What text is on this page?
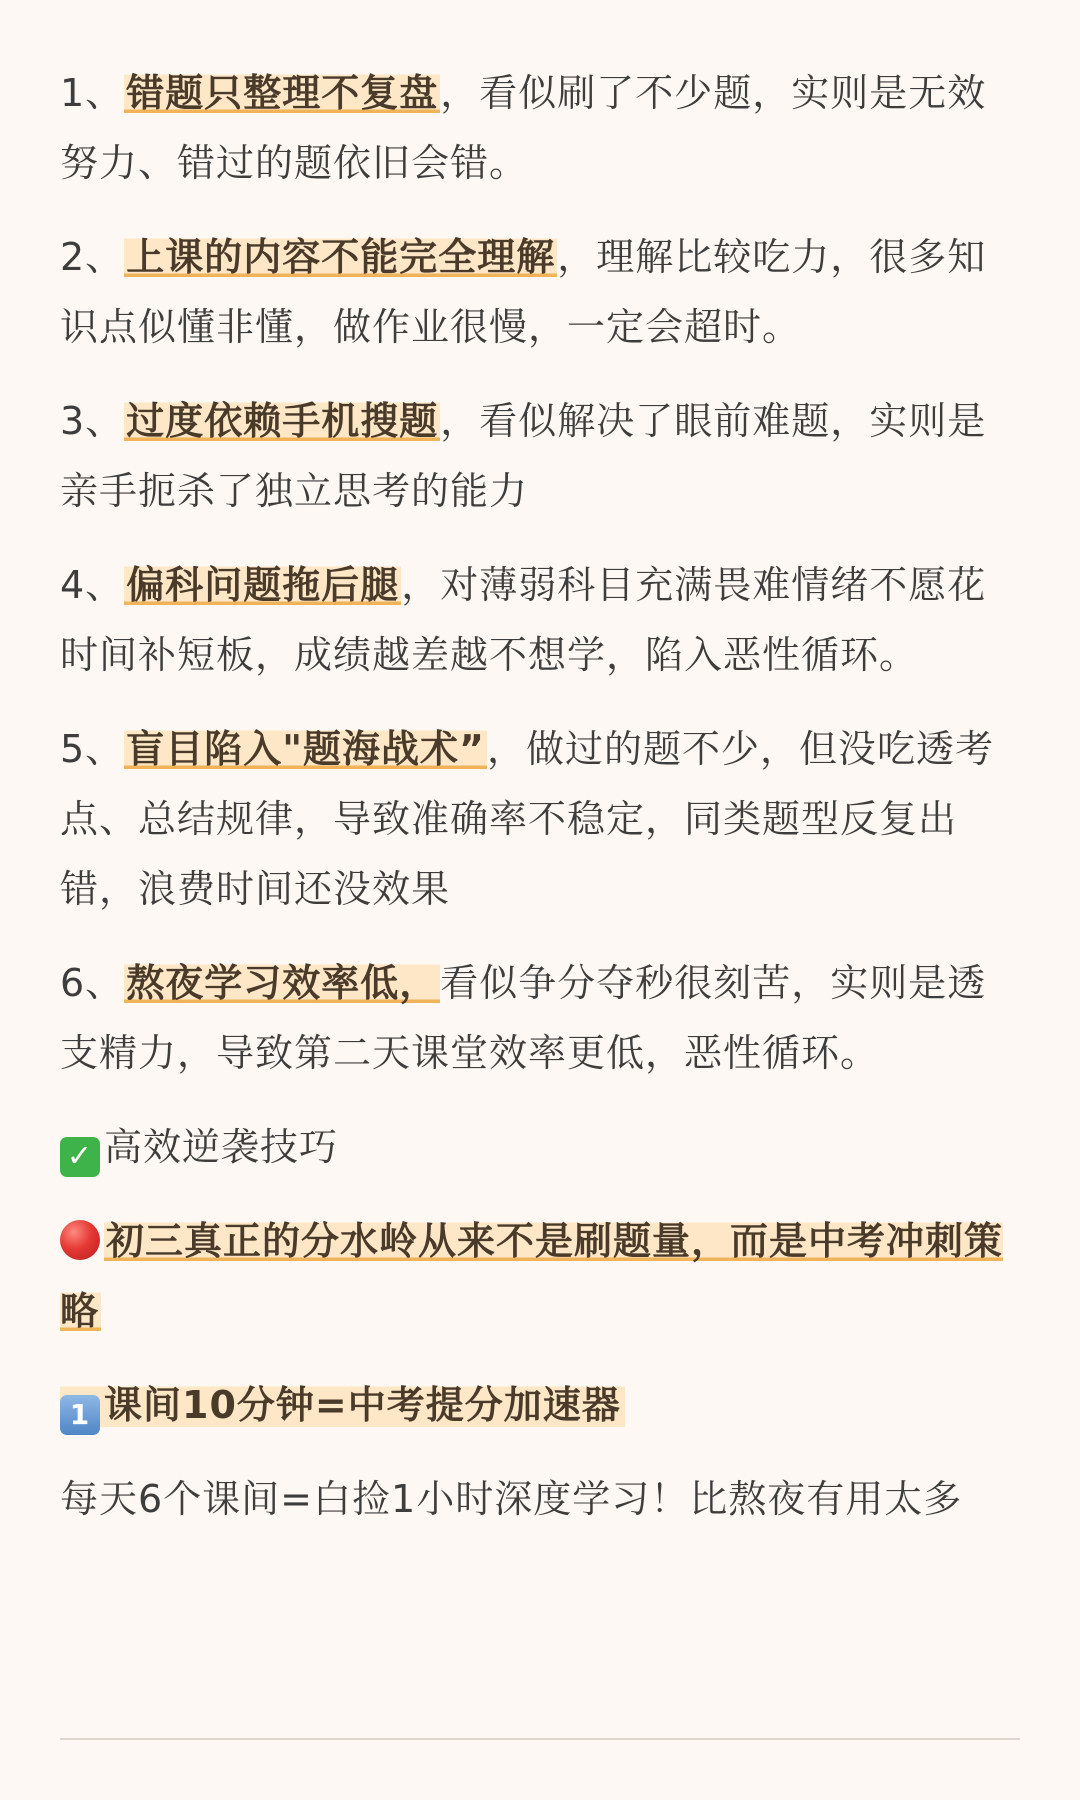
1、错题只整理不复盘，看似刷了不少题，实则是无效努力、错过的题依旧会错。

2、上课的内容不能完全理解，理解比较吃力，很多知识点似懂非懂，做作业很慢，一定会超时。

3、过度依赖手机搜题，看似解决了眼前难题，实则是亲手扼杀了独立思考的能力

4、偏科问题拖后腿，对薄弱科目充满畏难情绪不愿花时间补短板，成绩越差越不想学，陷入恶性循环。

5、盲目陷入"题海战术”，做过的题不少，但没吃透考点、总结规律，导致准确率不稳定，同类题型反复出错，浪费时间还没效果

6、熬夜学习效率低，看似争分夺秒很刻苦，实则是透支精力，导致第二天课堂效率更低，恶性循环。

✓ 高效逆袭技巧

初三真正的分水岭从来不是刷题量，而是中考冲刺策略

1 课间10分钟=中考提分加速器

每天6个课间=白捡1小时深度学习！比熬夜有用太多
